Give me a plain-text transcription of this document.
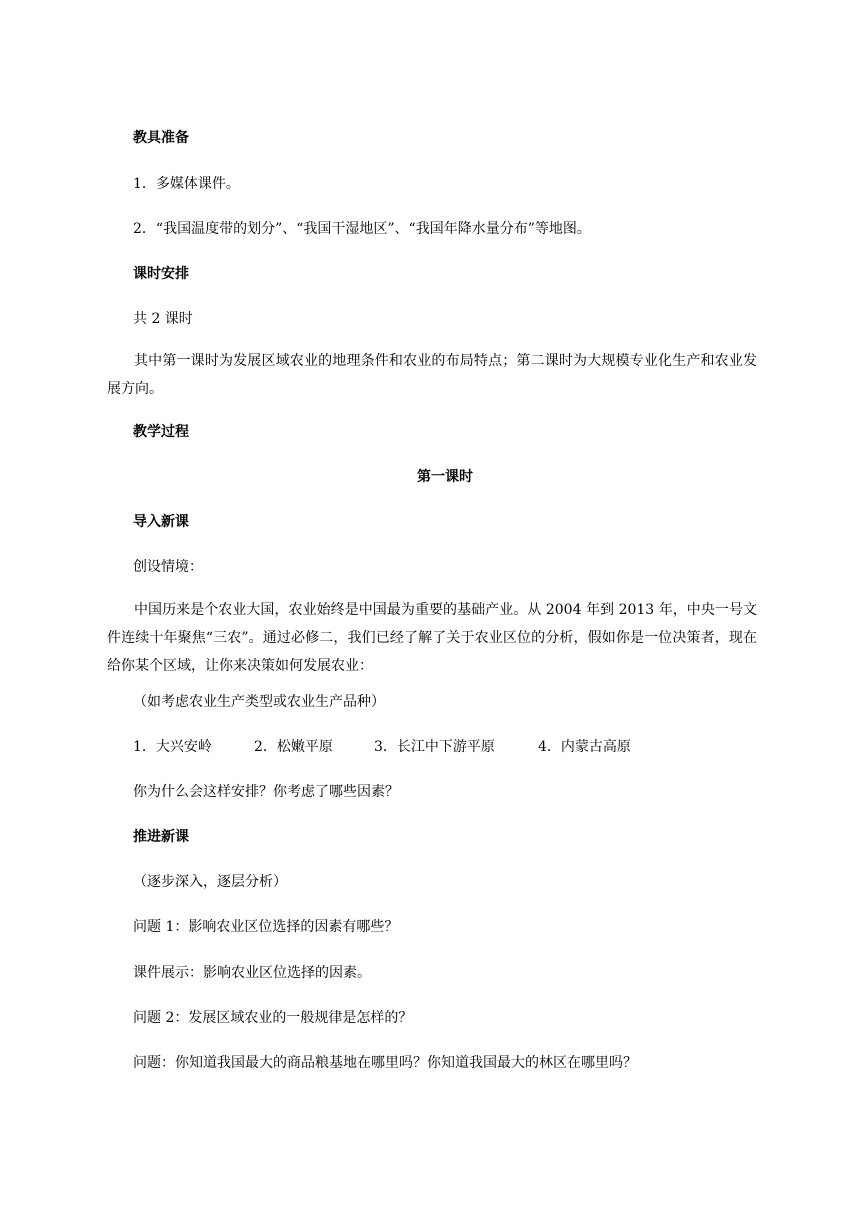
教具准备
1．多媒体课件。
2．“我国温度带的划分”、“我国干湿地区”、“我国年降水量分布”等地图。
课时安排
共 2 课时
其中第一课时为发展区域农业的地理条件和农业的布局特点；第二课时为大规模专业化生产和农业发展方向。
教学过程
第一课时
导入新课
创设情境：
中国历来是个农业大国，农业始终是中国最为重要的基础产业。从 2004 年到 2013 年，中央一号文件连续十年聚焦“三农”。通过必修二，我们已经了解了关于农业区位的分析，假如你是一位决策者，现在给你某个区域，让你来决策如何发展农业：
（如考虑农业生产类型或农业生产品种）
1．大兴安岭	2．松嫩平原	3．长江中下游平原	4．内蒙古高原
你为什么会这样安排？你考虑了哪些因素？
推进新课
（逐步深入，逐层分析）
问题 1：影响农业区位选择的因素有哪些？
课件展示：影响农业区位选择的因素。
问题 2：发展区域农业的一般规律是怎样的？
问题：你知道我国最大的商品粮基地在哪里吗？你知道我国最大的林区在哪里吗？
